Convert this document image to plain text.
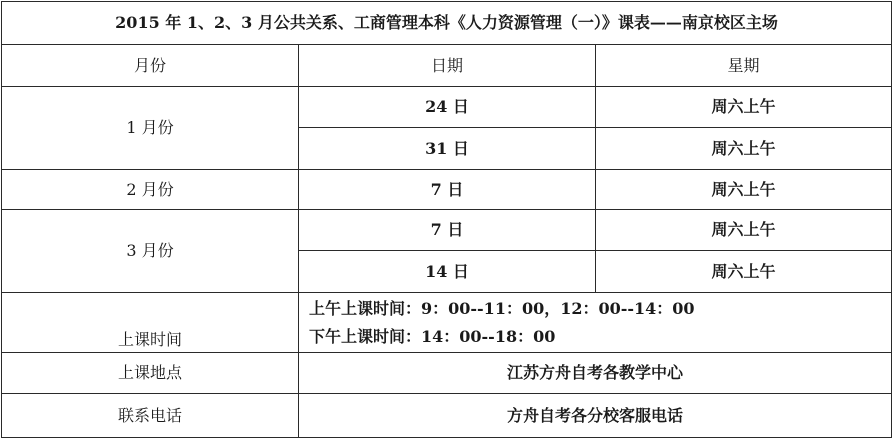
2015 年 1、2、3 月公共关系、工商管理本科《人力资源管理（一）》课表——南京校区主场		
月份	日期	星期
1 月份	24 日	周六上午
	31 日	周六上午
2 月份	7 日	周六上午
3 月份	7 日	周六上午
	14 日	周六上午
上课时间	上午上课时间：9：00--11：00，12：00--14：00
下午上课时间：14：00--18：00	

上课地点	江苏方舟自考各教学中心	
联系电话	方舟自考各分校客服电话	
